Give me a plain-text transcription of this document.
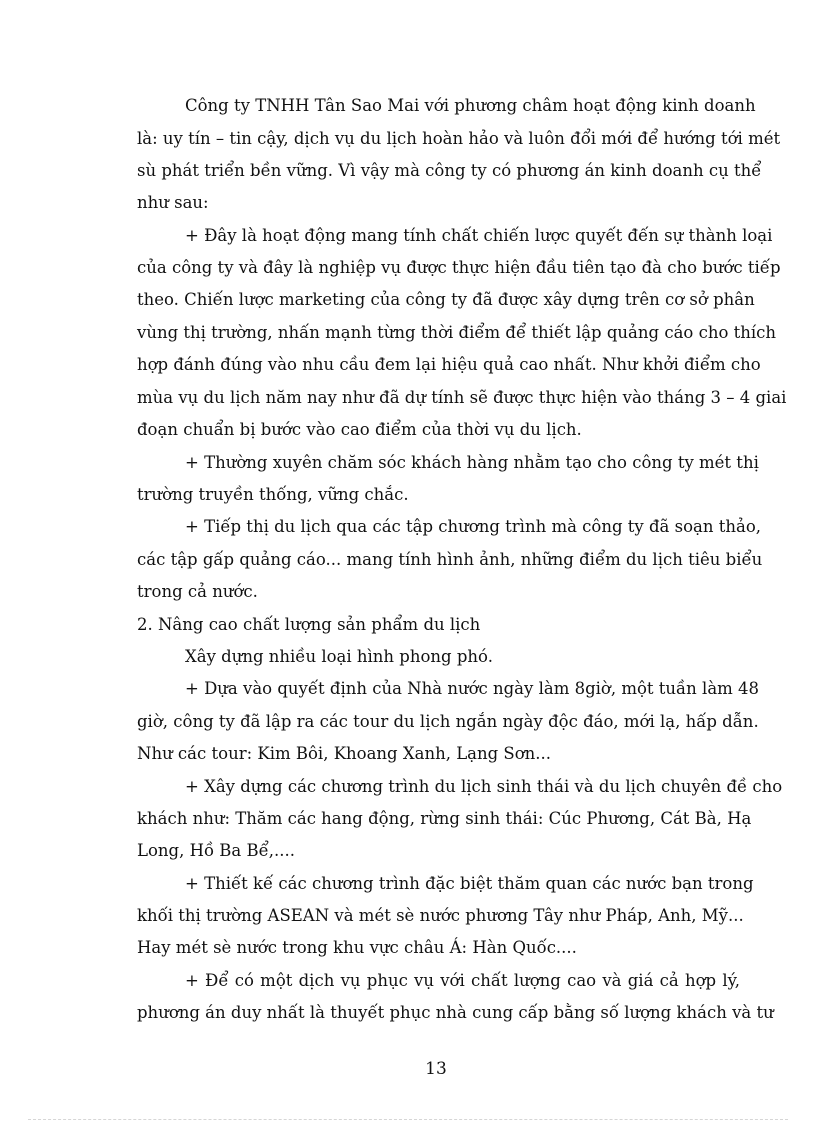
Công ty TNHH Tân Sao Mai với phương châm hoạt động kinh doanh
là: uy tín – tin cậy, dịch vụ du lịch hoàn hảo và luôn đổi mới để hướng tới mét
sù phát triển bền vững. Vì vậy mà công ty có phương án kinh doanh cụ thể
như sau:
+ Đây là hoạt động mang tính chất chiến lược quyết đến sự thành loại
của công ty và đây là nghiệp vụ được thực hiện đầu tiên tạo đà cho bước tiếp
theo. Chiến lược marketing của công ty đã được xây dựng trên cơ sở phân
vùng thị trường, nhấn mạnh từng thời điểm để thiết lập quảng cáo cho thích
hợp đánh đúng vào nhu cầu đem lại hiệu quả cao nhất. Như khởi điểm cho
mùa vụ du lịch năm nay như đã dự tính sẽ được thực hiện vào tháng 3 – 4 giai
đoạn chuẩn bị bước vào cao điểm của thời vụ du lịch.
+ Thường xuyên chăm sóc khách hàng nhằm tạo cho công ty mét thị
trường truyền thống, vững chắc.
+ Tiếp thị du lịch qua các tập chương trình mà công ty đã soạn thảo,
các tập gấp quảng cáo... mang tính hình ảnh, những điểm du lịch tiêu biểu
trong cả nước.
2. Nâng cao chất lượng sản phẩm du lịch
Xây dựng nhiều loại hình phong phó.
+ Dựa vào quyết định của Nhà nước ngày làm 8giờ, một tuần làm 48
giờ, công ty đã lập ra các tour du lịch ngắn ngày độc đáo, mới lạ, hấp dẫn.
Như các tour: Kim Bôi, Khoang Xanh, Lạng Sơn...
+ Xây dựng các chương trình du lịch sinh thái và du lịch chuyên đề cho
khách như: Thăm các hang động, rừng sinh thái: Cúc Phương, Cát Bà, Hạ
Long, Hồ Ba Bể,....
+ Thiết kế các chương trình đặc biệt thăm quan các nước bạn trong
khối thị trường ASEAN và mét sè nước phương Tây như Pháp, Anh, Mỹ...
Hay mét sè nước trong khu vực châu Á: Hàn Quốc....
+ Để có một dịch vụ phục vụ với chất lượng cao và giá cả hợp lý,
phương án duy nhất là thuyết phục nhà cung cấp bằng số lượng khách và tư
13
